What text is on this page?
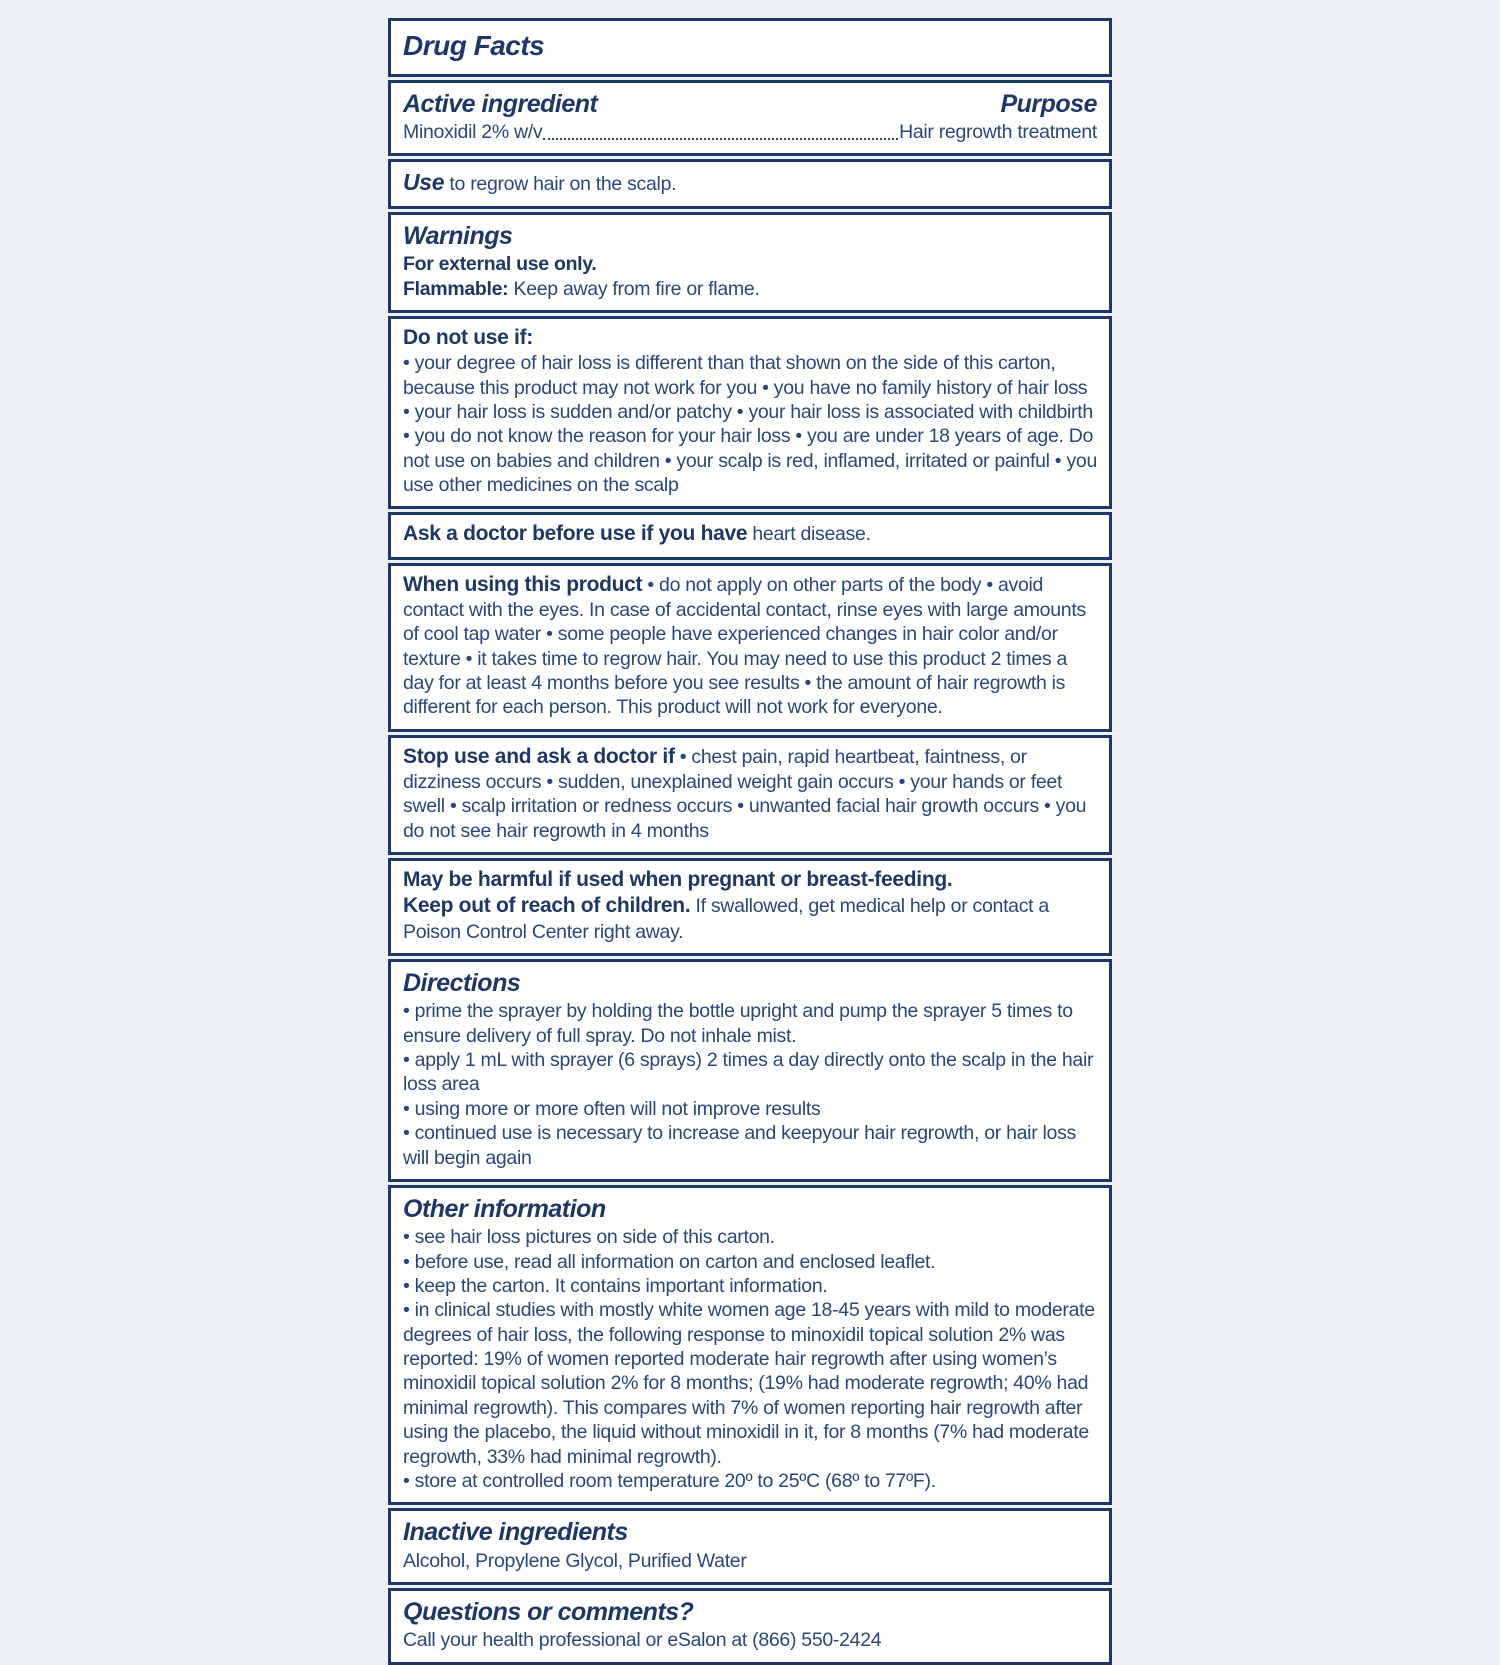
Drug Facts
Active ingredient	Purpose
Minoxidil 2% w/v	Hair regrowth treatment

Use to regrow hair on the scalp.

Warnings

For external use only.

Flammable: Keep away from fire or flame.

Do not use if:

• your degree of hair loss is different than that shown on the side of this carton, because this product may not work for you • you have no family history of hair loss • your hair loss is sudden and/or patchy • your hair loss is associated with childbirth • you do not know the reason for your hair loss • you are under 18 years of age. Do not use on babies and children • your scalp is red, inflamed, irritated or painful • you use other medicines on the scalp

Ask a doctor before use if you have heart disease.

When using this product • do not apply on other parts of the body • avoid contact with the eyes. In case of accidental contact, rinse eyes with large amounts of cool tap water • some people have experienced changes in hair color and/or texture • it takes time to regrow hair. You may need to use this product 2 times a day for at least 4 months before you see results • the amount of hair regrowth is different for each person. This product will not work for everyone.

Stop use and ask a doctor if • chest pain, rapid heartbeat, faintness, or dizziness occurs • sudden, unexplained weight gain occurs • your hands or feet swell • scalp irritation or redness occurs • unwanted facial hair growth occurs • you do not see hair regrowth in 4 months

May be harmful if used when pregnant or breast-feeding.

Keep out of reach of children. If swallowed, get medical help or contact a Poison Control Center right away.

Directions

• prime the sprayer by holding the bottle upright and pump the sprayer 5 times to ensure delivery of full spray. Do not inhale mist.

• apply 1 mL with sprayer (6 sprays) 2 times a day directly onto the scalp in the hair loss area

• using more or more often will not improve results

• continued use is necessary to increase and keepyour hair regrowth, or hair loss will begin again

Other information

• see hair loss pictures on side of this carton.

• before use, read all information on carton and enclosed leaflet.

• keep the carton. It contains important information.

• in clinical studies with mostly white women age 18-45 years with mild to moderate degrees of hair loss, the following response to minoxidil topical solution 2% was reported: 19% of women reported moderate hair regrowth after using women’s minoxidil topical solution 2% for 8 months; (19% had moderate regrowth; 40% had minimal regrowth). This compares with 7% of women reporting hair regrowth after using the placebo, the liquid without minoxidil in it, for 8 months (7% had moderate regrowth, 33% had minimal regrowth).

• store at controlled room temperature 20º to 25ºC (68º to 77ºF).

Inactive ingredients

Alcohol, Propylene Glycol, Purified Water

Questions or comments?

Call your health professional or eSalon at (866) 550-2424
